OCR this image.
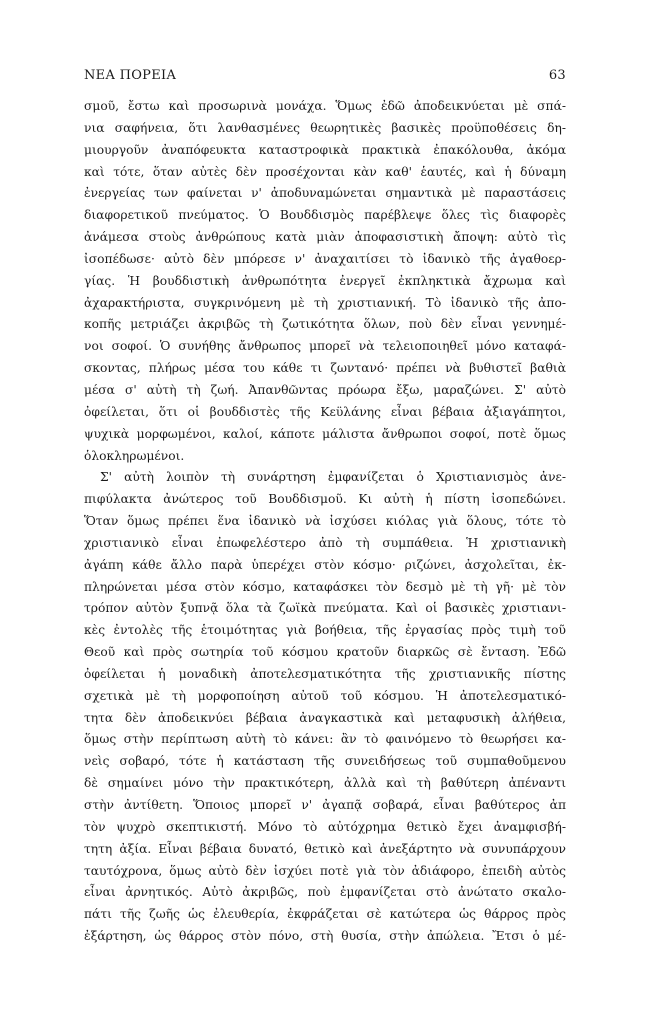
ΝΕΑ ΠΟΡΕΙΑ	63
σμοῦ, ἔστω καὶ προσωρινὰ μονάχα. Ὅμως ἐδῶ ἀποδεικνύεται μὲ σπά-
νια σαφήνεια, ὅτι λανθασμένες θεωρητικὲς βασικὲς προϋποθέσεις δη-
μιουργοῦν ἀναπόφευκτα καταστροφικὰ πρακτικὰ ἐπακόλουθα, ἀκόμα
καὶ τότε, ὅταν αὐτὲς δὲν προσέχονται κὰν καθ' ἑαυτές, καὶ ἡ δύναμη
ἐνεργείας των φαίνεται ν' ἀποδυναμώνεται σημαντικὰ μὲ παραστάσεις
διαφορετικοῦ πνεύματος. Ὁ Βουδδισμὸς παρέβλεψε ὅλες τὶς διαφορὲς
ἀνάμεσα στοὺς ἀνθρώπους κατὰ μιὰν ἀποφασιστικὴ ἄποψη: αὐτὸ τὶς
ἰσοπέδωσε· αὐτὸ δὲν μπόρεσε ν' ἀναχαιτίσει τὸ ἰδανικὸ τῆς ἀγαθοερ-
γίας. Ἡ βουδδιστικὴ ἀνθρωπότητα ἐνεργεῖ ἐκπληκτικὰ ἄχρωμα καὶ
ἀχαρακτήριστα, συγκρινόμενη μὲ τὴ χριστιανική. Τὸ ἰδανικὸ τῆς ἀπο-
κοπῆς μετριάζει ἀκριβῶς τὴ ζωτικότητα ὅλων, ποὺ δὲν εἶναι γεννημέ-
νοι σοφοί. Ὁ συνήθης ἄνθρωπος μπορεῖ νὰ τελειοποιηθεῖ μόνο καταφά-
σκοντας, πλήρως μέσα του κάθε τι ζωντανό· πρέπει νὰ βυθιστεῖ βαθιὰ
μέσα σ' αὐτὴ τὴ ζωή. Ἀπανθῶντας πρόωρα ἔξω, μαραζώνει. Σ' αὐτὸ
ὀφείλεται, ὅτι οἱ βουδδιστὲς τῆς Κεϋλάνης εἶναι βέβαια ἀξιαγάπητοι,
ψυχικὰ μορφωμένοι, καλοί, κάποτε μάλιστα ἄνθρωποι σοφοί, ποτὲ ὅμως
ὁλοκληρωμένοι.
Σ' αὐτὴ λοιπὸν τὴ συνάρτηση ἐμφανίζεται ὁ Χριστιανισμὸς ἀνε-
πιφύλακτα ἀνώτερος τοῦ Βουδδισμοῦ. Κι αὐτὴ ἡ πίστη ἰσοπεδώνει.
Ὅταν ὅμως πρέπει ἕνα ἰδανικὸ νὰ ἰσχύσει κιόλας γιὰ ὅλους, τότε τὸ
χριστιανικὸ εἶναι ἐπωφελέστερο ἀπὸ τὴ συμπάθεια. Ἡ χριστιανικὴ
ἀγάπη κάθε ἄλλο παρὰ ὑπερέχει στὸν κόσμο· ριζώνει, ἀσχολεῖται, ἐκ-
πληρώνεται μέσα στὸν κόσμο, καταφάσκει τὸν δεσμὸ μὲ τὴ γῆ· μὲ τὸν
τρόπον αὐτὸν ξυπνᾷ ὅλα τὰ ζωϊκὰ πνεύματα. Καὶ οἱ βασικὲς χριστιανι-
κὲς ἐντολὲς τῆς ἑτοιμότητας γιὰ βοήθεια, τῆς ἐργασίας πρὸς τιμὴ τοῦ
Θεοῦ καὶ πρὸς σωτηρία τοῦ κόσμου κρατοῦν διαρκῶς σὲ ἔνταση. Ἐδῶ
ὀφείλεται ἡ μοναδικὴ ἀποτελεσματικότητα τῆς χριστιανικῆς πίστης
σχετικὰ μὲ τὴ μορφοποίηση αὐτοῦ τοῦ κόσμου. Ἡ ἀποτελεσματικό-
τητα δὲν ἀποδεικνύει βέβαια ἀναγκαστικὰ καὶ μεταφυσικὴ ἀλήθεια,
ὅμως στὴν περίπτωση αὐτὴ τὸ κάνει: ἂν τὸ φαινόμενο τὸ θεωρήσει κα-
νεὶς σοβαρό, τότε ἡ κατάσταση τῆς συνειδήσεως τοῦ συμπαθοῦμενου
δὲ σημαίνει μόνο τὴν πρακτικότερη, ἀλλὰ καὶ τὴ βαθύτερη ἀπέναντι
στὴν ἀντίθετη. Ὅποιος μπορεῖ ν' ἀγαπᾷ σοβαρά, εἶναι βαθύτερος ἀπ
τὸν ψυχρὸ σκεπτικιστή. Μόνο τὸ αὐτόχρημα θετικὸ ἔχει ἀναμφισβή-
τητη ἀξία. Εἶναι βέβαια δυνατό, θετικὸ καὶ ἀνεξάρτητο νὰ συνυπάρχουν
ταυτόχρονα, ὅμως αὐτὸ δὲν ἰσχύει ποτὲ γιὰ τὸν ἀδιάφορο, ἐπειδὴ αὐτὸς
εἶναι ἀρνητικός. Αὐτὸ ἀκριβῶς, ποὺ ἐμφανίζεται στὸ ἀνώτατο σκαλο-
πάτι τῆς ζωῆς ὡς ἐλευθερία, ἐκφράζεται σὲ κατώτερα ὡς θάρρος πρὸς
ἐξάρτηση, ὡς θάρρος στὸν πόνο, στὴ θυσία, στὴν ἀπώλεια. Ἔτσι ὁ μέ-
